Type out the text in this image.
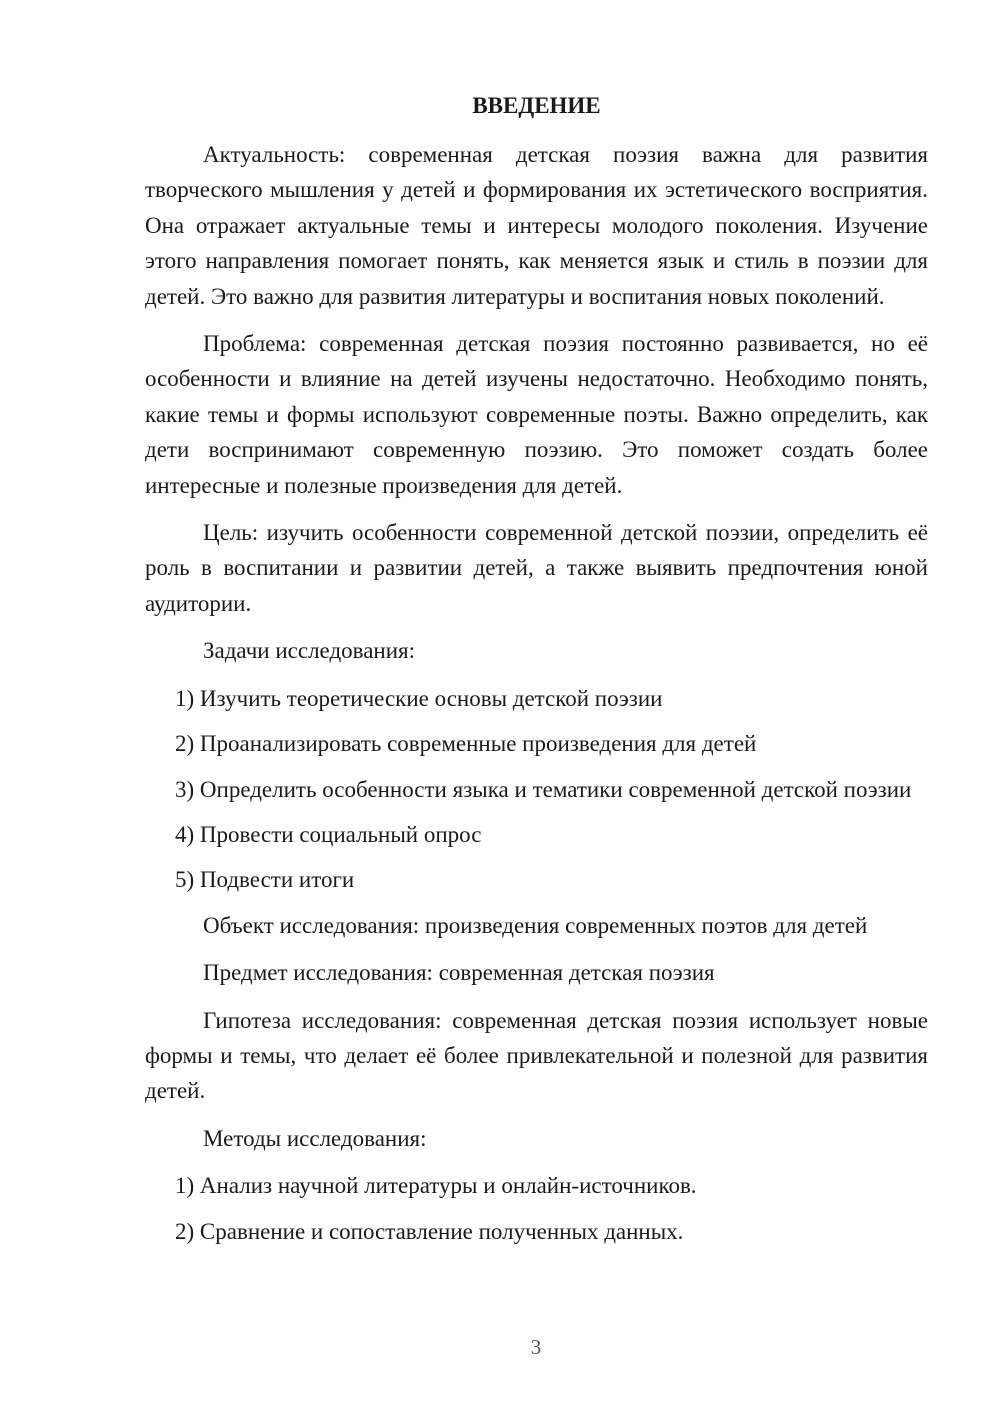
ВВЕДЕНИЕ

Актуальность: современная детская поэзия важна для развития творческого мышления у детей и формирования их эстетического восприятия. Она отражает актуальные темы и интересы молодого поколения. Изучение этого направления помогает понять, как меняется язык и стиль в поэзии для детей. Это важно для развития литературы и воспитания новых поколений.

Проблема: современная детская поэзия постоянно развивается, но её особенности и влияние на детей изучены недостаточно. Необходимо понять, какие темы и формы используют современные поэты. Важно определить, как дети воспринимают современную поэзию. Это поможет создать более интересные и полезные произведения для детей.

Цель: изучить особенности современной детской поэзии, определить её роль в воспитании и развитии детей, а также выявить предпочтения юной аудитории.

Задачи исследования:

1) Изучить теоретические основы детской поэзии

2) Проанализировать современные произведения для детей

3) Определить особенности языка и тематики современной детской поэзии

4) Провести социальный опрос

5) Подвести итоги

Объект исследования: произведения современных поэтов для детей

Предмет исследования: современная детская поэзия

Гипотеза исследования: современная детская поэзия использует новые формы и темы, что делает её более привлекательной и полезной для развития детей.

Методы исследования:

1) Анализ научной литературы и онлайн-источников.

2) Сравнение и сопоставление полученных данных.

3
